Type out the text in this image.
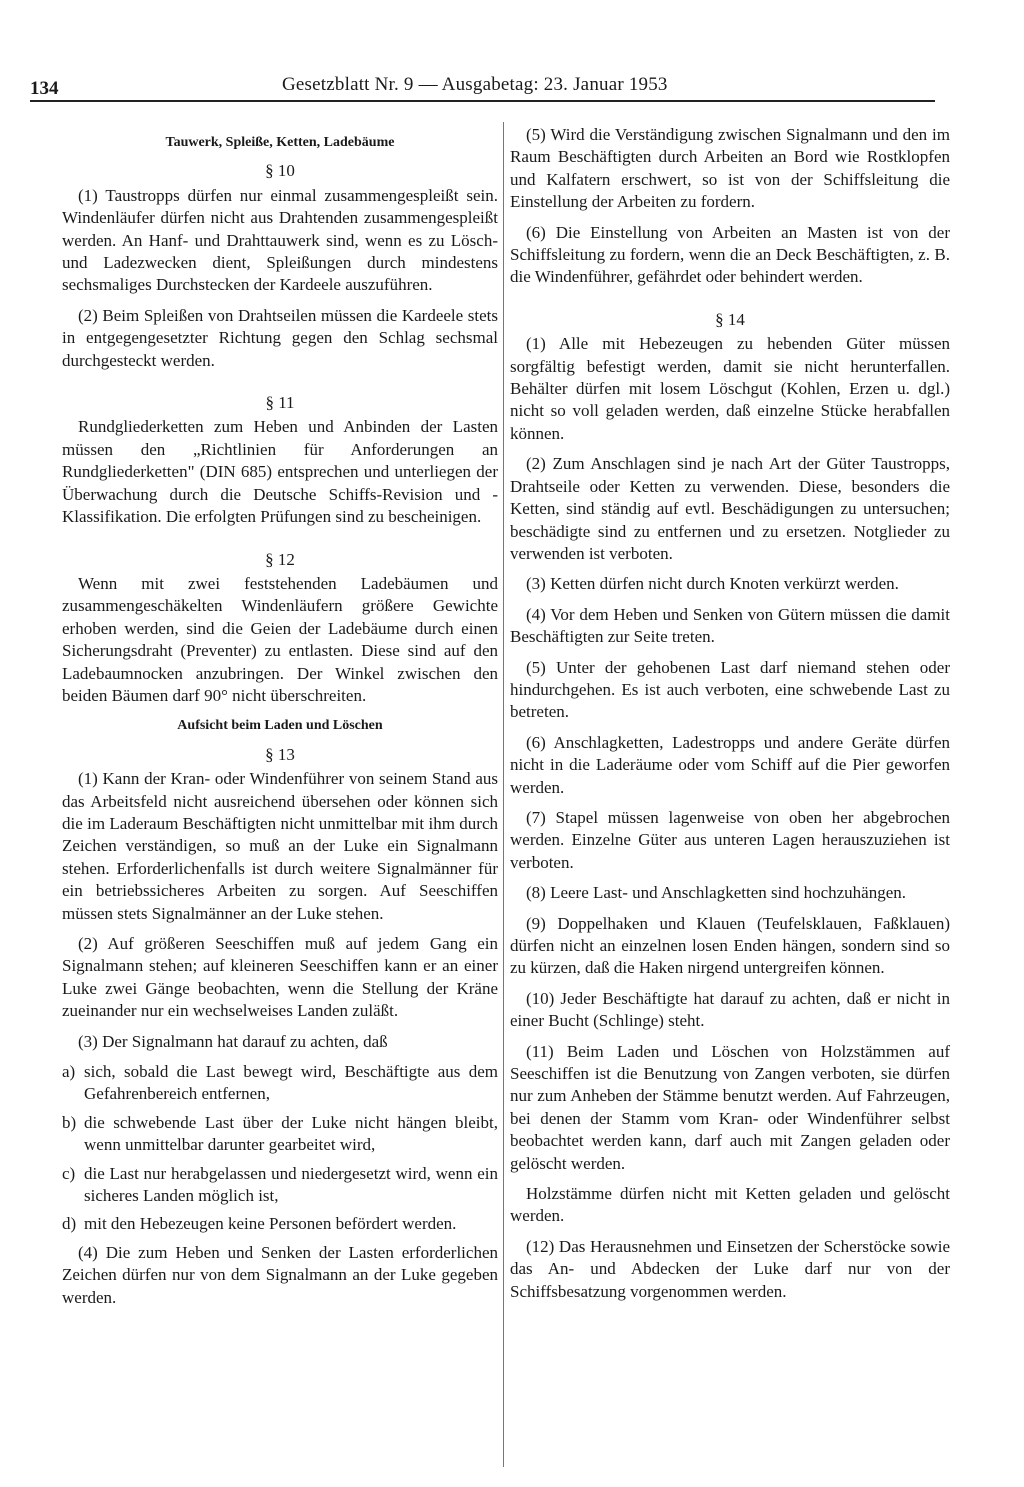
134	Gesetzblatt Nr. 9 — Ausgabetag: 23. Januar 1953
Tauwerk, Spleiße, Ketten, Ladebäume
§ 10

(1) Taustropps dürfen nur einmal zusammengespleißt sein. Windenläufer dürfen nicht aus Drahtenden zusammengespleißt werden. An Hanf- und Drahttauwerk sind, wenn es zu Lösch- und Ladezwecken dient, Spleißungen durch mindestens sechsmaliges Durchstecken der Kardeele auszuführen.

(2) Beim Spleißen von Drahtseilen müssen die Kardeele stets in entgegengesetzter Richtung gegen den Schlag sechsmal durchgesteckt werden.

§ 11

Rundgliederketten zum Heben und Anbinden der Lasten müssen den „Richtlinien für Anforderungen an Rundgliederketten" (DIN 685) entsprechen und unterliegen der Überwachung durch die Deutsche Schiffs-Revision und -Klassifikation. Die erfolgten Prüfungen sind zu bescheinigen.

§ 12

Wenn mit zwei feststehenden Ladebäumen und zusammengeschäkelten Windenläufern größere Gewichte erhoben werden, sind die Geien der Ladebäume durch einen Sicherungsdraht (Preventer) zu entlasten. Diese sind auf den Ladebaumnocken anzubringen. Der Winkel zwischen den beiden Bäumen darf 90° nicht überschreiten.

Aufsicht beim Laden und Löschen
§ 13

(1) Kann der Kran- oder Windenführer von seinem Stand aus das Arbeitsfeld nicht ausreichend übersehen oder können sich die im Laderaum Beschäftigten nicht unmittelbar mit ihm durch Zeichen verständigen, so muß an der Luke ein Signalmann stehen. Erforderlichenfalls ist durch weitere Signalmänner für ein betriebssicheres Arbeiten zu sorgen. Auf Seeschiffen müssen stets Signalmänner an der Luke stehen.

(2) Auf größeren Seeschiffen muß auf jedem Gang ein Signalmann stehen; auf kleineren Seeschiffen kann er an einer Luke zwei Gänge beobachten, wenn die Stellung der Kräne zueinander nur ein wechselweises Landen zuläßt.

(3) Der Signalmann hat darauf zu achten, daß

a) sich, sobald die Last bewegt wird, Beschäftigte aus dem Gefahrenbereich entfernen,
b) die schwebende Last über der Luke nicht hängen bleibt, wenn unmittelbar darunter gearbeitet wird,
c) die Last nur herabgelassen und niedergesetzt wird, wenn ein sicheres Landen möglich ist,
d) mit den Hebezeugen keine Personen befördert werden.

(4) Die zum Heben und Senken der Lasten erforderlichen Zeichen dürfen nur von dem Signalmann an der Luke gegeben werden.

(5) Wird die Verständigung zwischen Signalmann und den im Raum Beschäftigten durch Arbeiten an Bord wie Rostklopfen und Kalfatern erschwert, so ist von der Schiffsleitung die Einstellung der Arbeiten zu fordern.

(6) Die Einstellung von Arbeiten an Masten ist von der Schiffsleitung zu fordern, wenn die an Deck Beschäftigten, z. B. die Windenführer, gefährdet oder behindert werden.

§ 14

(1) Alle mit Hebezeugen zu hebenden Güter müssen sorgfältig befestigt werden, damit sie nicht herunterfallen. Behälter dürfen mit losem Löschgut (Kohlen, Erzen u. dgl.) nicht so voll geladen werden, daß einzelne Stücke herabfallen können.

(2) Zum Anschlagen sind je nach Art der Güter Taustropps, Drahtseile oder Ketten zu verwenden. Diese, besonders die Ketten, sind ständig auf evtl. Beschädigungen zu untersuchen; beschädigte sind zu entfernen und zu ersetzen. Notglieder zu verwenden ist verboten.

(3) Ketten dürfen nicht durch Knoten verkürzt werden.

(4) Vor dem Heben und Senken von Gütern müssen die damit Beschäftigten zur Seite treten.

(5) Unter der gehobenen Last darf niemand stehen oder hindurchgehen. Es ist auch verboten, eine schwebende Last zu betreten.

(6) Anschlagketten, Ladestropps und andere Geräte dürfen nicht in die Laderäume oder vom Schiff auf die Pier geworfen werden.

(7) Stapel müssen lagenweise von oben her abgebrochen werden. Einzelne Güter aus unteren Lagen herauszuziehen ist verboten.

(8) Leere Last- und Anschlagketten sind hochzuhängen.

(9) Doppelhaken und Klauen (Teufelsklauen, Faßklauen) dürfen nicht an einzelnen losen Enden hängen, sondern sind so zu kürzen, daß die Haken nirgend untergreifen können.

(10) Jeder Beschäftigte hat darauf zu achten, daß er nicht in einer Bucht (Schlinge) steht.

(11) Beim Laden und Löschen von Holzstämmen auf Seeschiffen ist die Benutzung von Zangen verboten, sie dürfen nur zum Anheben der Stämme benutzt werden. Auf Fahrzeugen, bei denen der Stamm vom Kran- oder Windenführer selbst beobachtet werden kann, darf auch mit Zangen geladen oder gelöscht werden.

Holzstämme dürfen nicht mit Ketten geladen und gelöscht werden.

(12) Das Herausnehmen und Einsetzen der Scherstöcke sowie das An- und Abdecken der Luke darf nur von der Schiffsbesatzung vorgenommen werden.
